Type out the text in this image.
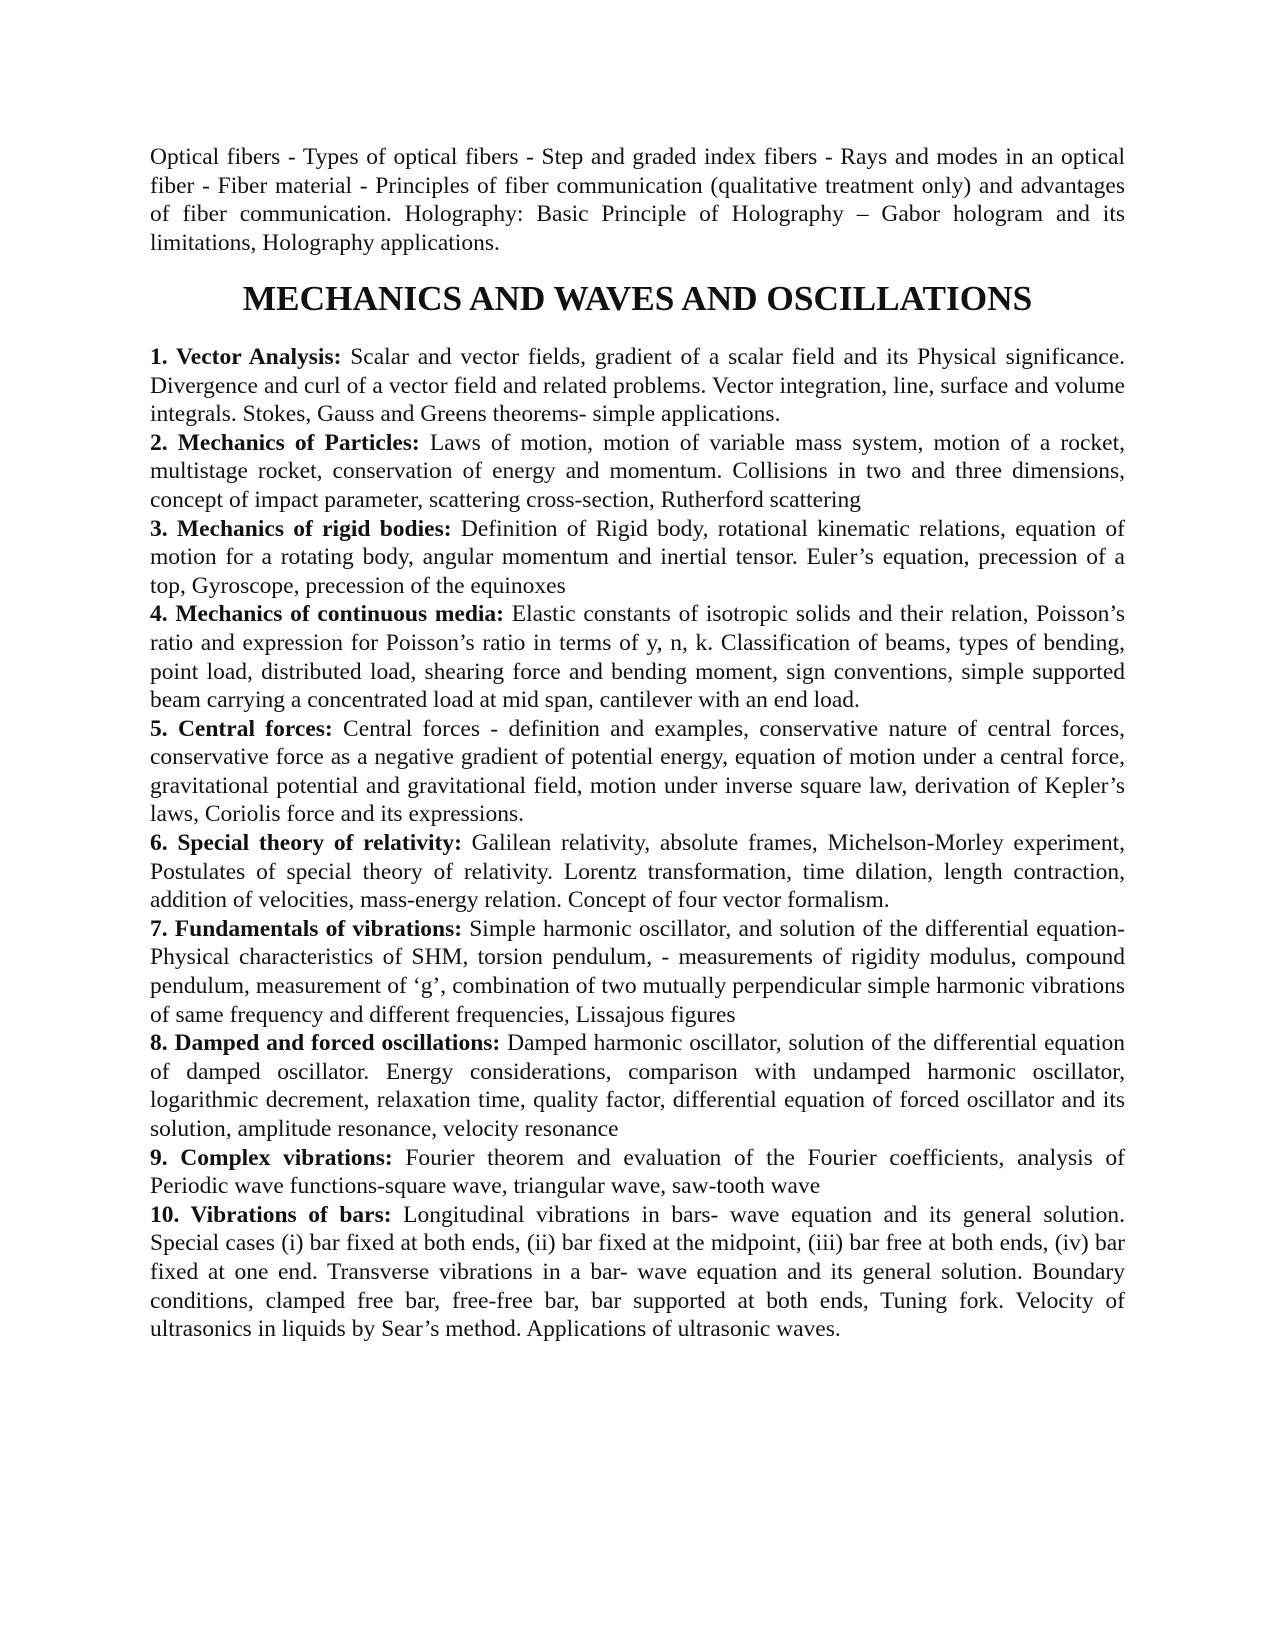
Optical fibers - Types of optical fibers - Step and graded index fibers - Rays and modes in an optical fiber - Fiber material - Principles of fiber communication (qualitative treatment only) and advantages of fiber communication. Holography: Basic Principle of Holography – Gabor hologram and its limitations, Holography applications.

MECHANICS AND WAVES AND OSCILLATIONS

1. Vector Analysis: Scalar and vector fields, gradient of a scalar field and its Physical significance. Divergence and curl of a vector field and related problems. Vector integration, line, surface and volume integrals. Stokes, Gauss and Greens theorems- simple applications.

2. Mechanics of Particles: Laws of motion, motion of variable mass system, motion of a rocket, multistage rocket, conservation of energy and momentum. Collisions in two and three dimensions, concept of impact parameter, scattering cross-section, Rutherford scattering

3. Mechanics of rigid bodies: Definition of Rigid body, rotational kinematic relations, equation of motion for a rotating body, angular momentum and inertial tensor. Euler’s equation, precession of a top, Gyroscope, precession of the equinoxes

4. Mechanics of continuous media: Elastic constants of isotropic solids and their relation, Poisson’s ratio and expression for Poisson’s ratio in terms of y, n, k. Classification of beams, types of bending, point load, distributed load, shearing force and bending moment, sign conventions, simple supported beam carrying a concentrated load at mid span, cantilever with an end load.

5. Central forces: Central forces - definition and examples, conservative nature of central forces, conservative force as a negative gradient of potential energy, equation of motion under a central force, gravitational potential and gravitational field, motion under inverse square law, derivation of Kepler’s laws, Coriolis force and its expressions.

6. Special theory of relativity: Galilean relativity, absolute frames, Michelson-Morley experiment, Postulates of special theory of relativity. Lorentz transformation, time dilation, length contraction, addition of velocities, mass-energy relation. Concept of four vector formalism.

7. Fundamentals of vibrations: Simple harmonic oscillator, and solution of the differential equation-Physical characteristics of SHM, torsion pendulum, - measurements of rigidity modulus, compound pendulum, measurement of ‘g’, combination of two mutually perpendicular simple harmonic vibrations of same frequency and different frequencies, Lissajous figures

8. Damped and forced oscillations: Damped harmonic oscillator, solution of the differential equation of damped oscillator. Energy considerations, comparison with undamped harmonic oscillator, logarithmic decrement, relaxation time, quality factor, differential equation of forced oscillator and its solution, amplitude resonance, velocity resonance

9. Complex vibrations: Fourier theorem and evaluation of the Fourier coefficients, analysis of Periodic wave functions-square wave, triangular wave, saw-tooth wave

10. Vibrations of bars: Longitudinal vibrations in bars- wave equation and its general solution. Special cases (i) bar fixed at both ends, (ii) bar fixed at the midpoint, (iii) bar free at both ends, (iv) bar fixed at one end. Transverse vibrations in a bar- wave equation and its general solution. Boundary conditions, clamped free bar, free-free bar, bar supported at both ends, Tuning fork. Velocity of ultrasonics in liquids by Sear’s method. Applications of ultrasonic waves.
